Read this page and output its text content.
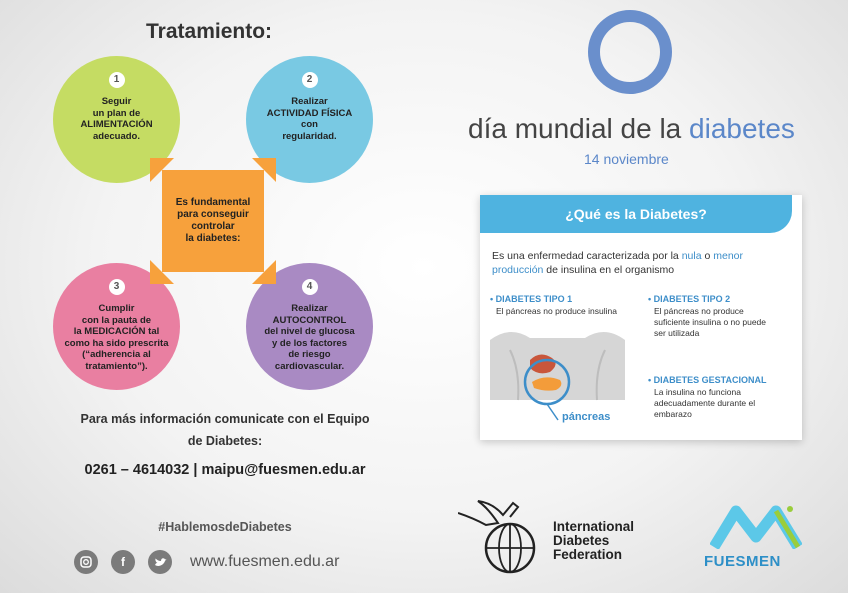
Tratamiento:
1
Seguir
un plan de
ALIMENTACIÓN
adecuado.
2
Realizar
ACTIVIDAD FÍSICA
con
regularidad.
3
Cumplir
con la pauta de
la MEDICACIÓN tal
como ha sido prescrita
(“adherencia al
tratamiento”).
4
Realizar
AUTOCONTROL
del nivel de glucosa
y de los factores
de riesgo
cardiovascular.
Es fundamental
para conseguir
controlar
la diabetes:
Para más información comunicate con el Equipo
de Diabetes:
0261 – 4614032 | maipu@fuesmen.edu.ar
#HablemosdeDiabetes
f	www.fuesmen.edu.ar
día mundial de la diabetes
14 noviembre
¿Qué es la Diabetes?
Es una enfermedad caracterizada por la nula o menor producción de insulina en el organismo
• DIABETES TIPO 1
El páncreas no produce insulina
• DIABETES TIPO 2
El páncreas no produce
suficiente insulina o no puede
ser utilizada
• DIABETES GESTACIONAL
La insulina no funciona
adecuadamente durante el
embarazo
páncreas
International
Diabetes
Federation	FUESMEN
